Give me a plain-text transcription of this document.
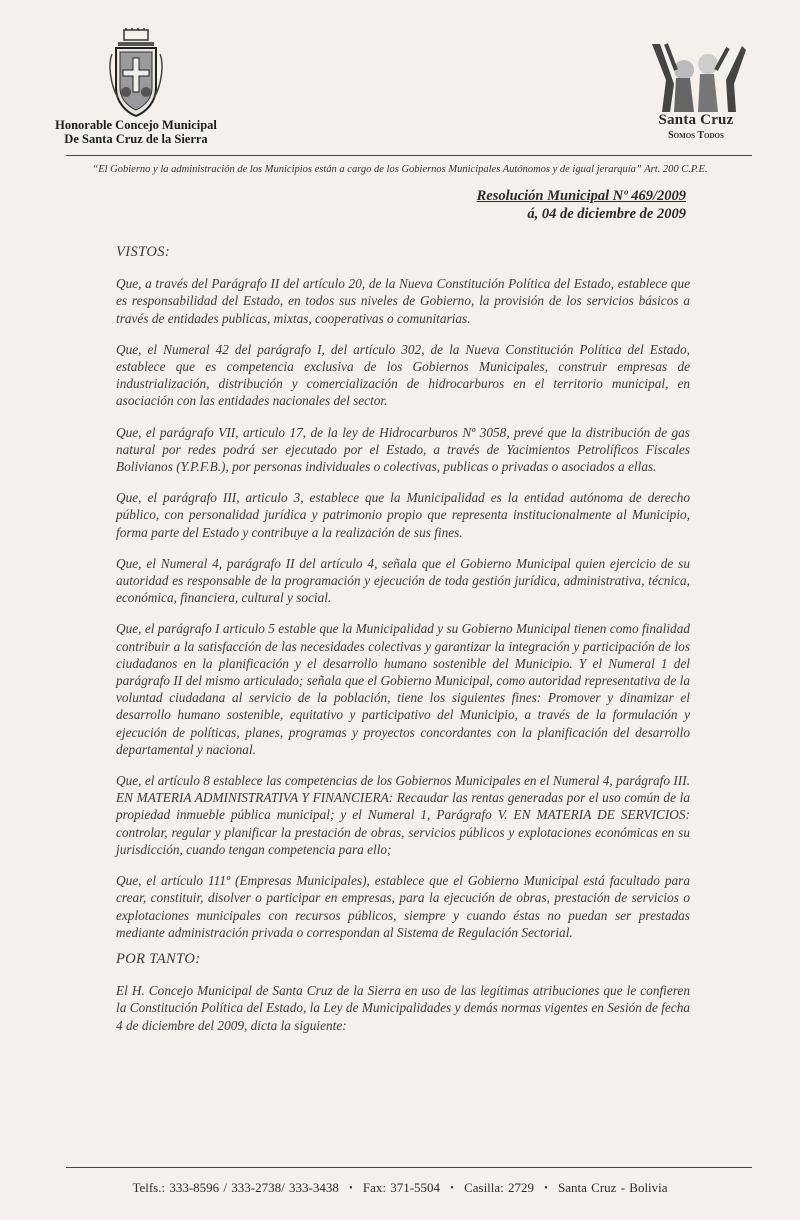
Honorable Concejo Municipal
De Santa Cruz de la Sierra
Santa Cruz
Somos Todos
“El Gobierno y la administración de los Municipios están a cargo de los Gobiernos Municipales Autónomos y de igual jerarquía” Art. 200 C.P.E.
Resolución Municipal Nº 469/2009
á, 04 de diciembre de 2009
VISTOS:

Que, a través del Parágrafo II del artículo 20, de la Nueva Constitución Política del Estado, establece que es responsabilidad del Estado, en todos sus niveles de Gobierno, la provisión de los servicios básicos a través de entidades publicas, mixtas, cooperativas o comunitarias.

Que, el Numeral 42 del parágrafo I, del artículo 302, de la Nueva Constitución Política del Estado, establece que es competencia exclusiva de los Gobiernos Municipales, construir empresas de industrialización, distribución y comercialización de hidrocarburos en el territorio municipal, en asociación con las entidades nacionales del sector.

Que, el parágrafo VII, articulo 17, de la ley de Hidrocarburos Nº 3058, prevé que la distribución de gas natural por redes podrá ser ejecutado por el Estado, a través de Yacimientos Petrolíficos Fiscales Bolivianos (Y.P.F.B.), por personas individuales o colectivas, publicas o privadas o asociados a ellas.

Que, el parágrafo III, articulo 3, establece que la Municipalidad es la entidad autónoma de derecho público, con personalidad jurídica y patrimonio propio que representa institucionalmente al Municipio, forma parte del Estado y contribuye a la realización de sus fines.

Que, el Numeral 4, parágrafo II del artículo 4, señala que el Gobierno Municipal quien ejercicio de su autoridad es responsable de la programación y ejecución de toda gestión jurídica, administrativa, técnica, económica, financiera, cultural y social.

Que, el parágrafo I articulo 5 estable que la Municipalidad y su Gobierno Municipal tienen como finalidad contribuir a la satisfacción de las necesidades colectivas y garantizar la integración y participación de los ciudadanos en la planificación y el desarrollo humano sostenible del Municipio. Y el Numeral 1 del parágrafo II del mismo articulado; señala que el Gobierno Municipal, como autoridad representativa de la voluntad ciudadana al servicio de la población, tiene los siguientes fines: Promover y dinamizar el desarrollo humano sostenible, equitativo y participativo del Municipio, a través de la formulación y ejecución de políticas, planes, programas y proyectos concordantes con la planificación del desarrollo departamental y nacional.

Que, el artículo 8 establece las competencias de los Gobiernos Municipales en el Numeral 4, parágrafo III. EN MATERIA ADMINISTRATIVA Y FINANCIERA: Recaudar las rentas generadas por el uso común de la propiedad inmueble pública municipal; y el Numeral 1, Parágrafo V. EN MATERIA DE SERVICIOS: controlar, regular y planificar la prestación de obras, servicios públicos y explotaciones económicas en su jurisdicción, cuando tengan competencia para ello;

Que, el artículo 111º (Empresas Municipales), establece que el Gobierno Municipal está facultado para crear, constituir, disolver o participar en empresas, para la ejecución de obras, prestación de servicios o explotaciones municipales con recursos públicos, siempre y cuando éstas no puedan ser prestadas mediante administración privada o correspondan al Sistema de Regulación Sectorial.

POR TANTO:

El H. Concejo Municipal de Santa Cruz de la Sierra en uso de las legítimas atribuciones que le confieren la Constitución Política del Estado, la Ley de Municipalidades y demás normas vigentes en Sesión de fecha 4 de diciembre del 2009, dicta la siguiente:

Telfs.: 333-8596 / 333-2738/ 333-3438 • Fax: 371-5504 • Casilla: 2729 • Santa Cruz - Bolivia
